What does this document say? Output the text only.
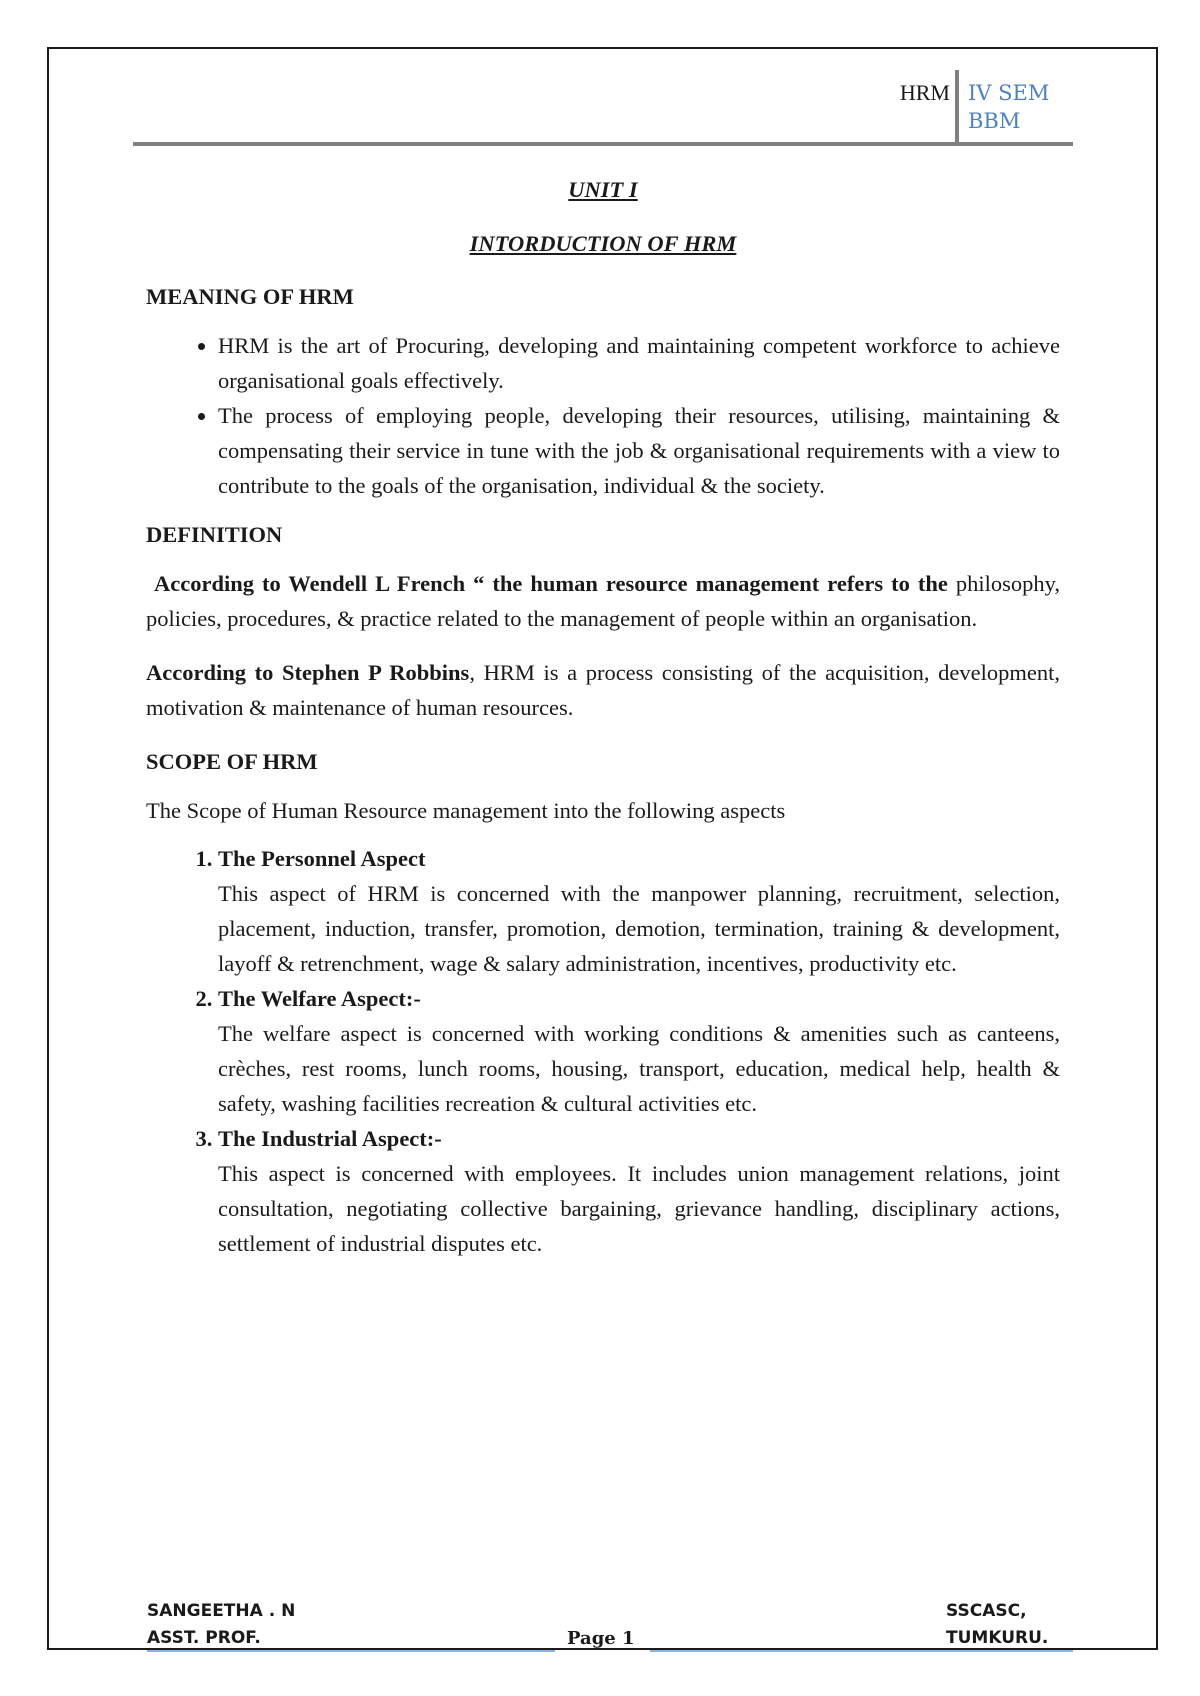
HRM IV SEM
BBM

UNIT I

INTORDUCTION OF HRM

MEANING OF HRM
• HRM is the art of Procuring, developing and maintaining competent workforce to achieve organisational goals effectively.
• The process of employing people, developing their resources, utilising, maintaining & compensating their service in tune with the job & organisational requirements with a view to contribute to the goals of the organisation, individual & the society.
DEFINITION

According to Wendell L French “ the human resource management refers to the philosophy, policies, procedures, & practice related to the management of people within an organisation.

According to Stephen P Robbins, HRM is a process consisting of the acquisition, development, motivation & maintenance of human resources.

SCOPE OF HRM

The Scope of Human Resource management into the following aspects

1. The Personnel Aspect
This aspect of HRM is concerned with the manpower planning, recruitment, selection, placement, induction, transfer, promotion, demotion, termination, training & development, layoff & retrenchment, wage & salary administration, incentives, productivity etc.
2. The Welfare Aspect:-
The welfare aspect is concerned with working conditions & amenities such as canteens, crèches, rest rooms, lunch rooms, housing, transport, education, medical help, health & safety, washing facilities recreation & cultural activities etc.
3. The Industrial Aspect:-
This aspect is concerned with employees. It includes union management relations, joint consultation, negotiating collective bargaining, grievance handling, disciplinary actions, settlement of industrial disputes etc.
SANGEETHA . N
ASST. PROF.	Page 1
SSCASC,
TUMKURU.
